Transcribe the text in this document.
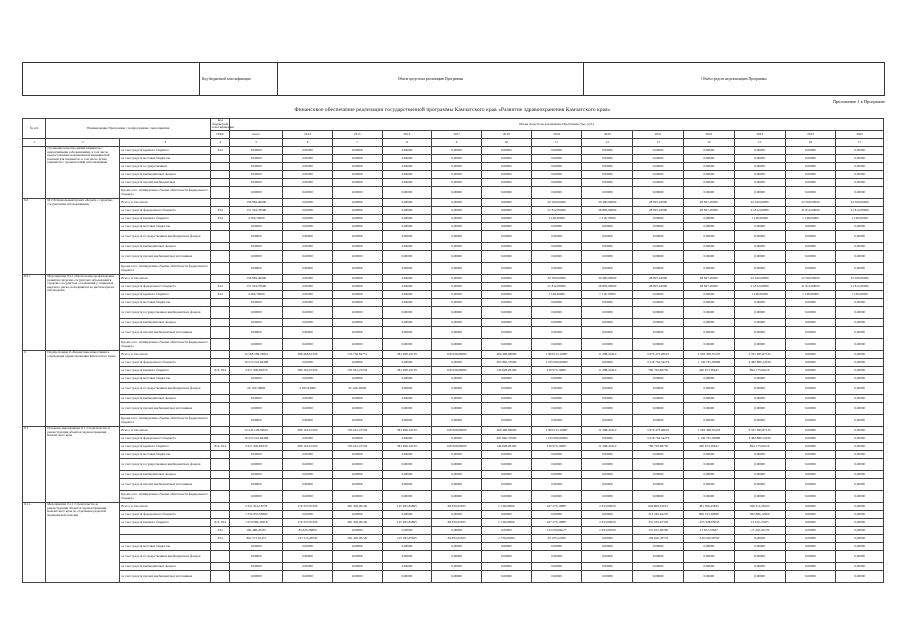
	Код бюджетной классификации	Объем средств на реализацию Программы	Объем средств на реализацию Программы
Приложение 1 к Программе
Финансовое обеспечение реализации государственной программы Камчатского края «Развитие здравоохранения Камчатского края»
№ п/п	Наименование Программы / подпрограммы / мероприятия		Код бюджетной классификации	Объем средств на реализацию Программы (тыс. руб.)												
			ГРБС	всего	2014	2015	2016	2017	2018	2019	2020	2021	2022	2023	2024	2025
1	2	3	4	5	6	7	8	9	10	11	12	13	14	15	16	17
	улучшение качества жизни пациентов с неизлечимыми заболеваниями, в том числе предоставление паллиативной медицинской помощи для пациентов, в том числе детям пациентов с хроническими заболеваниями	за счет средств краевого бюджета	814	0,00000	0,00000	0,00000	0,00000	0,00000	0,00000	0,00000	0,00000	0,00000	0,00000	0,00000	0,00000	0,00000
		за счет средств местных бюджетов		0,00000	0,00000	0,00000	0,00000	0,00000	0,00000	0,00000	0,00000	0,00000	0,00000	0,00000	0,00000	0,00000
		за счет средств государственных		0,00000	0,00000	0,00000	0,00000	0,00000	0,00000	0,00000	0,00000	0,00000	0,00000	0,00000	0,00000	0,00000
		за счет средств внебюджетных фондов		0,00000	0,00000	0,00000	0,00000	0,00000	0,00000	0,00000	0,00000	0,00000	0,00000	0,00000	0,00000	0,00000
		за счет средств прочих внебюджетных		0,00000	0,00000	0,00000	0,00000	0,00000	0,00000	0,00000	0,00000	0,00000	0,00000	0,00000	0,00000	0,00000
		Кроме того, планируемые объемы обязательств федерального бюджета		0,00000	0,00000	0,00000	0,00000	0,00000	0,00000	0,00000	0,00000	0,00000	0,00000	0,00000	0,00000	0,00000
8.2	М 2 Региональный проект «Борьба с сердечно-сосудистыми заболеваниями»	Всего, в том числе:		156 884,40000	0,00000	0,00000	0,00000	0,00000	0,00000	22 560,00000	30 480,00000	28 807,20000	28 807,20000	22 560,00000	22 560,00000	22 560,00000
		за счет средств федерального бюджета	814	151 324,70000	0,00000	0,00000	0,00000	0,00000	0,00000	21 812,00000	28 883,00000	28 807,20000	28 807,20000	21 812,00000	21 812,00000	21 812,00000
		за счет средств краевого бюджета	814	4 560,70000	0,00000	0,00000	0,00000	0,00000	0,00000	1 148,00000	1 516,70000	0,00000	0,00000	1 148,00000	1 148,00000	1 148,00000
		за счет средств местных бюджетов		0,00000	0,00000	0,00000	0,00000	0,00000	0,00000	0,00000	0,00000	0,00000	0,00000	0,00000	0,00000	0,00000
		за счет средств государственных внебюджетных фондов		0,00000	0,00000	0,00000	0,00000	0,00000	0,00000	0,00000	0,00000	0,00000	0,00000	0,00000	0,00000	0,00000
		за счет средств внебюджетных фондов		0,00000	0,00000	0,00000	0,00000	0,00000	0,00000	0,00000	0,00000	0,00000	0,00000	0,00000	0,00000	0,00000
		за счет средств прочих внебюджетных источников		0,00000	0,00000	0,00000	0,00000	0,00000	0,00000	0,00000	0,00000	0,00000	0,00000	0,00000	0,00000	0,00000
		Кроме того, планируемые объемы обязательств федерального бюджета		0,00000	0,00000	0,00000	0,00000	0,00000	0,00000	0,00000	0,00000	0,00000	0,00000	0,00000	0,00000	0,00000
8.2.1	Мероприятие 8.2.1 Обеспечение профилактики развития сердечно-сосудистых заболеваний и сердечно-сосудистых осложнений у пациентов высокого риска, находящихся на диспансерном наблюдении	Всего, в том числе:		156 884,40000	0,00000	0,00000	0,00000	0,00000	0,00000	22 560,00000	30 480,00000	28 807,20000	28 807,20000	22 560,00000	22 560,00000	22 560,00000
		за счет средств федерального бюджета	814	151 324,70000	0,00000	0,00000	0,00000	0,00000	0,00000	21 812,00000	28 883,00000	28 807,20000	28 807,20000	21 812,00000	21 812,00000	21 812,00000
		за счет средств краевого бюджета	814	4 560,70000	0,00000	0,00000	0,00000	0,00000	0,00000	1 148,00000	1 516,70000	0,00000	0,00000	1 148,00000	1 148,00000	1 148,00000
		за счет средств местных бюджетов		0,00000	0,00000	0,00000	0,00000	0,00000	0,00000	0,00000	0,00000	0,00000	0,00000	0,00000	0,00000	0,00000
		за счет средств государственных внебюджетных фондов		0,00000	0,00000	0,00000	0,00000	0,00000	0,00000	0,00000	0,00000	0,00000	0,00000	0,00000	0,00000	0,00000
		за счет средств внебюджетных фондов		0,00000	0,00000	0,00000	0,00000	0,00000	0,00000	0,00000	0,00000	0,00000	0,00000	0,00000	0,00000	0,00000
		за счет средств прочих внебюджетных источников		0,00000	0,00000	0,00000	0,00000	0,00000	0,00000	0,00000	0,00000	0,00000	0,00000	0,00000	0,00000	0,00000
		Кроме того, планируемые объемы обязательств федерального бюджета		0,00000	0,00000	0,00000	0,00000	0,00000	0,00000	0,00000	0,00000	0,00000	0,00000	0,00000	0,00000	0,00000
9.	Подпрограмма 9 «Бюджетные инвестиции в учреждения здравоохранения Камчатского края»	Всего, в том числе:		14 568 289,78841	389 498,91239	723 756,84751	381 498,16159	166 636,89090	406 490,66090	1 309 013,10687	11 288,22410	3 976 475,06025	1 563 398,35433	5 357 995,87135	0,00000	0,00000
		за счет средств федерального бюджета		10 570 222,60468	0,00000	0,00000	0,00000	0,00000	263 862,37000	1 470 000,00000	0,00000	3 218 794,34276	1 136 725,30868	4 482 880,12930	0,00000	0,00000
		за счет средств краевого бюджета	812, 814	3 971 906,89376	389 162,97250	703 631,47334	381 498,16159	166 636,89090	146 628,09100	239 973,10687	11 288,22410	780 729,66756	426 673,58447	894 175,60119	0,00000	0,00000
		за счет средств местных бюджетов		0,00000	0,00000	0,00000	0,00000	0,00000	0,00000	0,00000	0,00000	0,00000	0,00000	0,00000	0,00000	0,00000
		за счет средств государственных внебюджетных фондов		26 120,36800	4 295,94000	20 126,42000	0,00000	0,00000	0,00000	0,00000	0,00000	0,00000	0,00000	0,00000	0,00000	0,00000
		за счет средств внебюджетных фондов		0,00000	0,00000	0,00000	0,00000	0,00000	0,00000	0,00000	0,00000	0,00000	0,00000	0,00000	0,00000	0,00000
		за счет средств прочих внебюджетных источников		0,00000	0,00000	0,00000	0,00000	0,00000	0,00000	0,00000	0,00000	0,00000	0,00000	0,00000	0,00000	0,00000
		Кроме того, планируемые объемы обязательств федерального бюджета		0,00000	0,00000	0,00000	0,00000	0,00000	0,00000	0,00000	0,00000	0,00000	0,00000	0,00000	0,00000	0,00000
9.1.	Основное мероприятие 9.1. Строительство и реконструкция объектов здравоохранения Камчатского края	Всего, в том числе:		14 542 129,59041	389 162,97250	703 631,47334	381 498,16159	166 636,89090	406 490,66090	1 309 013,10687	11 288,22410	3 976 475,06025	1 563 398,35433	5 357 995,87135	0,00000	0,00000
		за счет средств федерального бюджета		10 570 222,60468	0,00000	0,00000	0,00000	0,00000	263 862,37000	1 470 000,00000	0,00000	3 218 794,34276	1 136 725,30868	4 482 880,12930	0,00000	0,00000
		за счет средств краевого бюджета	812, 814	3 971 906,89376	389 162,97250	703 631,47334	381 498,16159	166 636,89090	146 628,09100	239 973,10687	11 288,22410	780 729,66756	426 673,58447	894 175,60119	0,00000	0,00000
		за счет средств местных бюджетов		0,00000	0,00000	0,00000	0,00000	0,00000	0,00000	0,00000	0,00000	0,00000	0,00000	0,00000	0,00000	0,00000
		за счет средств государственных внебюджетных фондов		0,00000	0,00000	0,00000	0,00000	0,00000	0,00000	0,00000	0,00000	0,00000	0,00000	0,00000	0,00000	0,00000
		за счет средств внебюджетных фондов		0,00000	0,00000	0,00000	0,00000	0,00000	0,00000	0,00000	0,00000	0,00000	0,00000	0,00000	0,00000	0,00000
		за счет средств прочих внебюджетных источников		0,00000	0,00000	0,00000	0,00000	0,00000	0,00000	0,00000	0,00000	0,00000	0,00000	0,00000	0,00000	0,00000
		Кроме того, планируемые объемы обязательств федерального бюджета		0,00000	0,00000	0,00000	0,00000	0,00000	0,00000	0,00000	0,00000	0,00000	0,00000	0,00000	0,00000	0,00000
9.1.1.	Мероприятие 9.1.1 Строительство и реконструкция объектов здравоохранения Камчатского края по отдельным разделам медицинской помощи	Всего, в том числе:		2 611 916,18778	278 337,87230	281 456,00140	125 905,83695	66 850,65635	1 736,00000	167 273,10887	2 653,09050	644 809,61615	481 396,45835	596 312,28165	0,00000	0,00000
		за счет средств федерального бюджета		1 532 855,85860	0,00000	0,00000	0,00000	0,00000	0,00000	0,00000	0,00000	313 249,94276	806 725,30868	582 880,12960	0,00000	0,00000
		за счет средств краевого бюджета	812, 814	1 079 060,32918	278 337,87230	281 456,00140	125 905,83695	66 850,65635	1 736,00000	167 273,10887	2 653,09050	331 559,67339	-325 328,85033	13 432,15205	0,00000	0,00000
			812	186 488,40467	30 826,38890	0,00000	0,00000	0,00000	0,00000	134 039,88227	2 653,09050	131 932,90760	14 871,53667	-13 432,09176	0,00000	0,00000
			814	892 571,92451	247 511,48340	281 456,00140	125 905,83695	66 850,65635	1 736,00000	33 233,22660	0,00000	199 626,76579	-340 200,38700	0,00000	0,00000	0,00000
		за счет средств местных бюджетов		0,00000	0,00000	0,00000	0,00000	0,00000	0,00000	0,00000	0,00000	0,00000	0,00000	0,00000	0,00000	0,00000
		за счет средств государственных внебюджетных фондов		0,00000	0,00000	0,00000	0,00000	0,00000	0,00000	0,00000	0,00000	0,00000	0,00000	0,00000	0,00000	0,00000
		за счет средств внебюджетных фондов		0,00000	0,00000	0,00000	0,00000	0,00000	0,00000	0,00000	0,00000	0,00000	0,00000	0,00000	0,00000	0,00000
		за счет средств прочих внебюджетных источников		0,00000	0,00000	0,00000	0,00000	0,00000	0,00000	0,00000	0,00000	0,00000	0,00000	0,00000	0,00000	0,00000
